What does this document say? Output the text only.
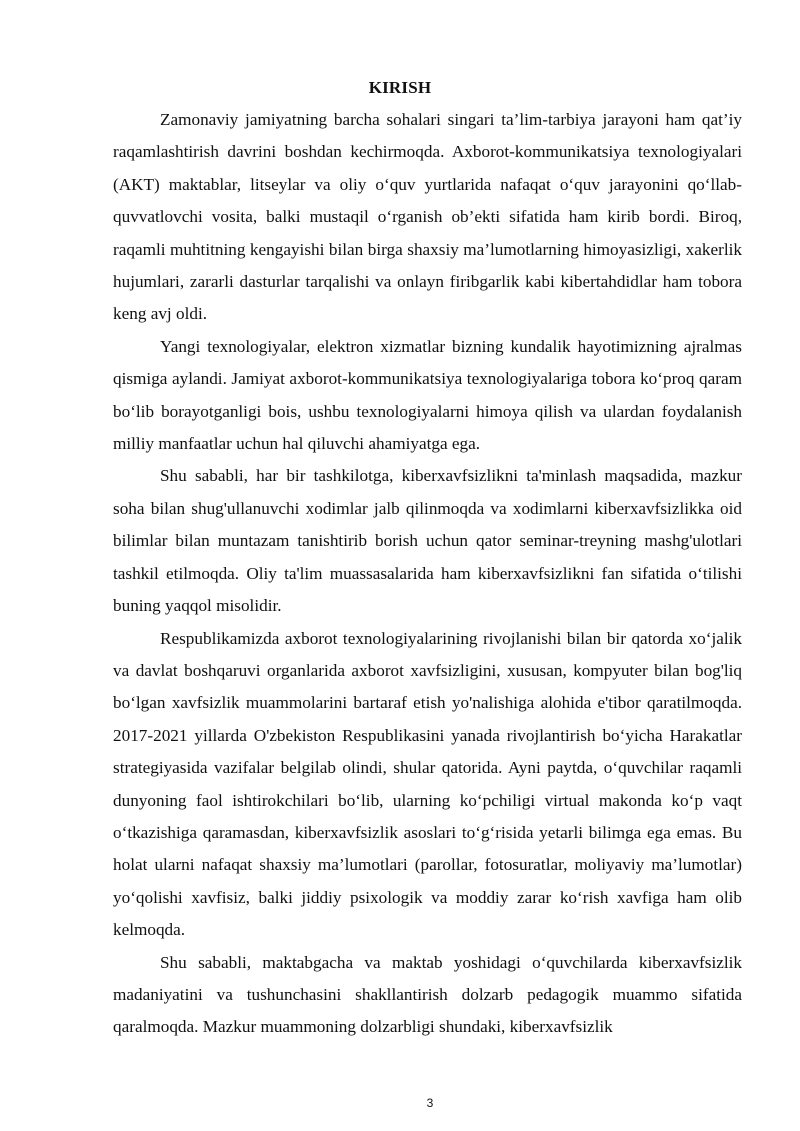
KIRISH

Zamonaviy jamiyatning barcha sohalari singari ta’lim-tarbiya jarayoni ham qat’iy raqamlashtirish davrini boshdan kechirmoqda. Axborot-kommunikatsiya texnologiyalari (AKT) maktablar, litseylar va oliy o‘quv yurtlarida nafaqat o‘quv jarayonini qo‘llab-quvvatlovchi vosita, balki mustaqil o‘rganish ob’ekti sifatida ham kirib bordi. Biroq, raqamli muhtitning kengayishi bilan birga shaxsiy ma’lumotlarning himoyasizligi, xakerlik hujumlari, zararli dasturlar tarqalishi va onlayn firibgarlik kabi kibertahdidlar ham tobora keng avj oldi.

Yangi texnologiyalar, elektron xizmatlar bizning kundalik hayotimizning ajralmas qismiga aylandi. Jamiyat axborot-kommunikatsiya texnologiyalariga tobora ko‘proq qaram bo‘lib borayotganligi bois, ushbu texnologiyalarni himoya qilish va ulardan foydalanish milliy manfaatlar uchun hal qiluvchi ahamiyatga ega.

Shu sababli, har bir tashkilotga, kiberxavfsizlikni ta'minlash maqsadida, mazkur soha bilan shug'ullanuvchi xodimlar jalb qilinmoqda va xodimlarni kiberxavfsizlikka oid bilimlar bilan muntazam tanishtirib borish uchun qator seminar-treyning mashg'ulotlari tashkil etilmoqda. Oliy ta'lim muassasalarida ham kiberxavfsizlikni fan sifatida o‘tilishi buning yaqqol misolidir.

Respublikamizda axborot texnologiyalarining rivojlanishi bilan bir qatorda xo‘jalik va davlat boshqaruvi organlarida axborot xavfsizligini, xususan, kompyuter bilan bog'liq bo‘lgan xavfsizlik muammolarini bartaraf etish yo'nalishiga alohida e'tibor qaratilmoqda. 2017-2021 yillarda O'zbekiston Respublikasini yanada rivojlantirish bo‘yicha Harakatlar strategiyasida vazifalar belgilab olindi, shular qatorida. Ayni paytda, o‘quvchilar raqamli dunyoning faol ishtirokchilari bo‘lib, ularning ko‘pchiligi virtual makonda ko‘p vaqt o‘tkazishiga qaramasdan, kiberxavfsizlik asoslari to‘g‘risida yetarli bilimga ega emas. Bu holat ularni nafaqat shaxsiy ma’lumotlari (parollar, fotosuratlar, moliyaviy ma’lumotlar) yo‘qolishi xavfisiz, balki jiddiy psixologik va moddiy zarar ko‘rish xavfiga ham olib kelmoqda.

Shu sababli, maktabgacha va maktab yoshidagi o‘quvchilarda kiberxavfsizlik madaniyatini va tushunchasini shakllantirish dolzarb pedagogik muammo sifatida qaralmoqda. Mazkur muammoning dolzarbligi shundaki, kiberxavfsizlik

3
